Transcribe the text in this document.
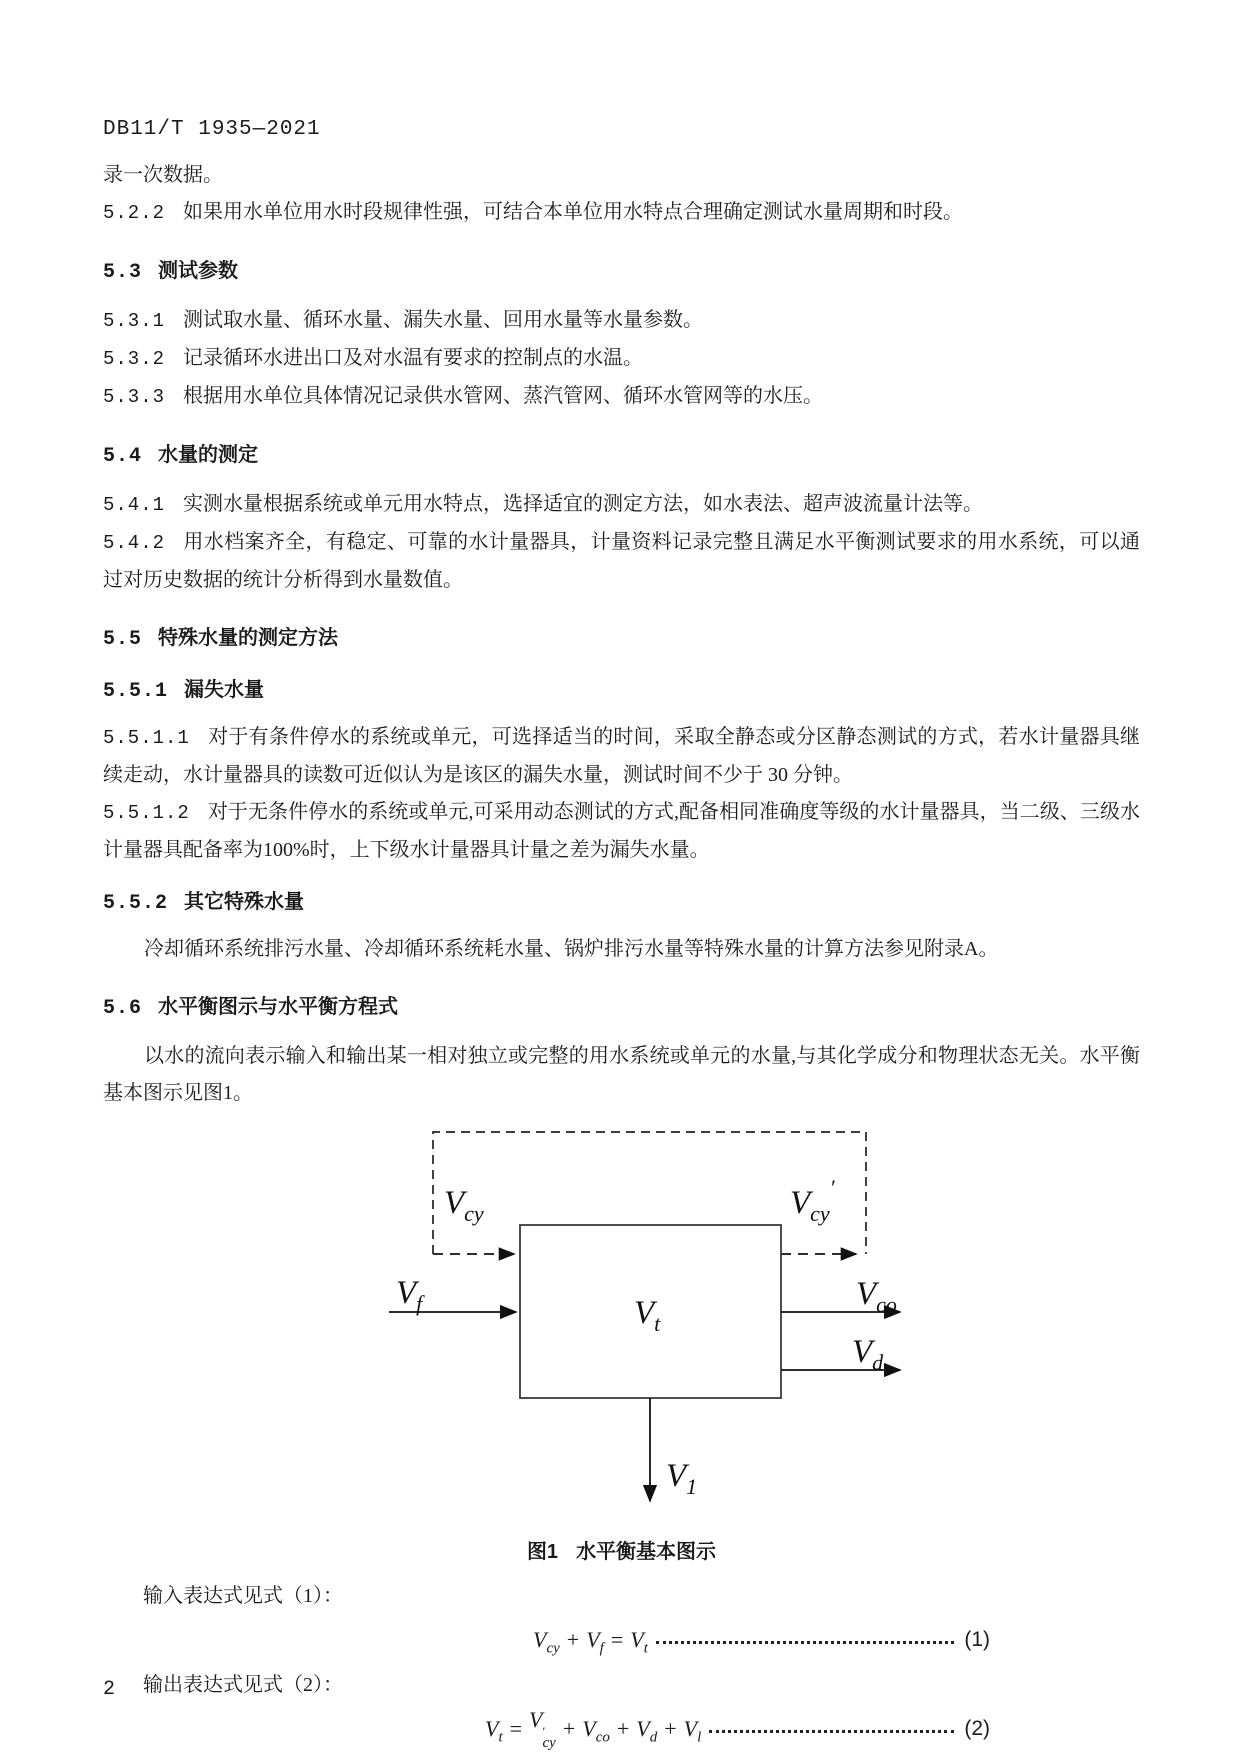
DB11/T 1935—2021

录一次数据。

5.2.2 如果用水单位用水时段规律性强，可结合本单位用水特点合理确定测试水量周期和时段。

5.3 测试参数

5.3.1 测试取水量、循环水量、漏失水量、回用水量等水量参数。

5.3.2 记录循环水进出口及对水温有要求的控制点的水温。

5.3.3 根据用水单位具体情况记录供水管网、蒸汽管网、循环水管网等的水压。

5.4 水量的测定

5.4.1 实测水量根据系统或单元用水特点，选择适宜的测定方法，如水表法、超声波流量计法等。

5.4.2 用水档案齐全，有稳定、可靠的水计量器具，计量资料记录完整且满足水平衡测试要求的用水系统，可以通过对历史数据的统计分析得到水量数值。

5.5 特殊水量的测定方法
5.5.1 漏失水量

5.5.1.1 对于有条件停水的系统或单元，可选择适当的时间，采取全静态或分区静态测试的方式，若水计量器具继续走动，水计量器具的读数可近似认为是该区的漏失水量，测试时间不少于 30 分钟。

5.5.1.2 对于无条件停水的系统或单元,可采用动态测试的方式,配备相同准确度等级的水计量器具，当二级、三级水计量器具配备率为100%时，上下级水计量器具计量之差为漏失水量。

5.5.2 其它特殊水量

冷却循环系统排污水量、冷却循环系统耗水量、锅炉排污水量等特殊水量的计算方法参见附录A。

5.6 水平衡图示与水平衡方程式

以水的流向表示输入和输出某一相对独立或完整的用水系统或单元的水量,与其化学成分和物理状态无关。水平衡基本图示见图1。

$V_{cy}$	$V_{cy}'$
$V_f$	$V_t$
$V_{co}$
$V_d$
$V_1$
图1 水平衡基本图示

输入表达式见式（1）：

$V_{cy} + V_f = V_t$	(1)

输出表达式见式（2）：

$V_t = V$ ′
cy
+ $V_{co} + V_d + V_l$	(2)
2
